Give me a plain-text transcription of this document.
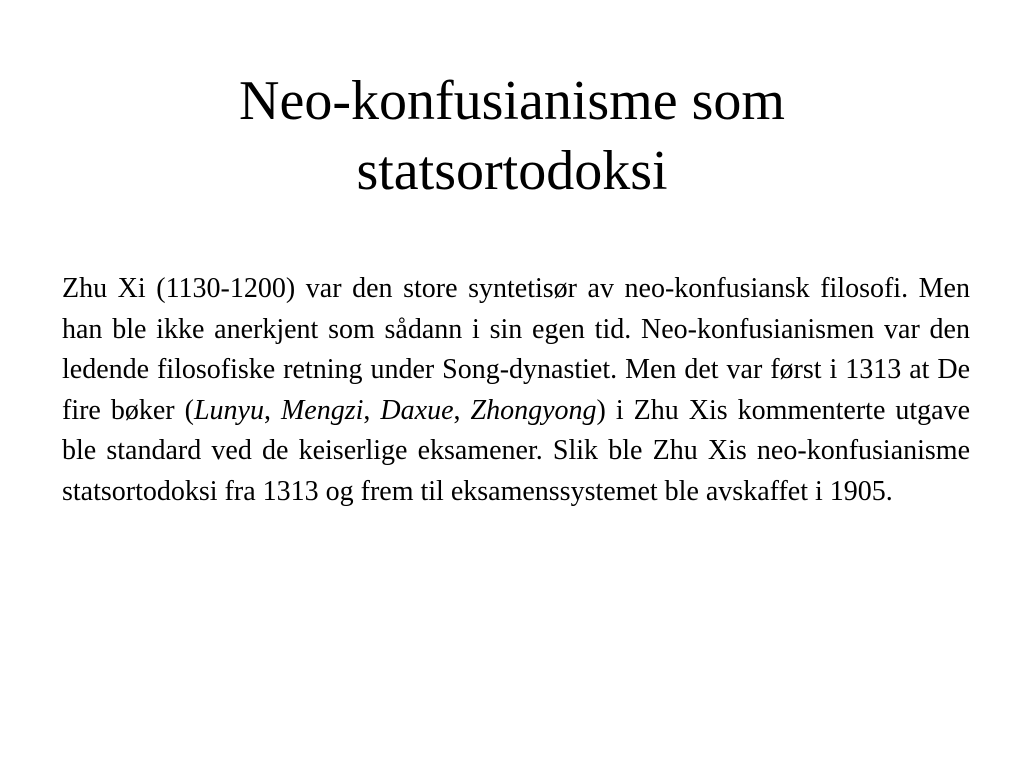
Neo-konfusianisme som
statsortodoksi

Zhu Xi (1130-1200) var den store syntetisør av neo-konfusiansk filosofi. Men han ble ikke anerkjent som sådann i sin egen tid. Neo-konfusianismen var den ledende filosofiske retning under Song-dynastiet. Men det var først i 1313 at De fire bøker (Lunyu, Mengzi, Daxue, Zhongyong) i Zhu Xis kommenterte utgave ble standard ved de keiserlige eksamener. Slik ble Zhu Xis neo-konfusianisme statsortodoksi fra 1313 og frem til eksamenssystemet ble avskaffet i 1905.
